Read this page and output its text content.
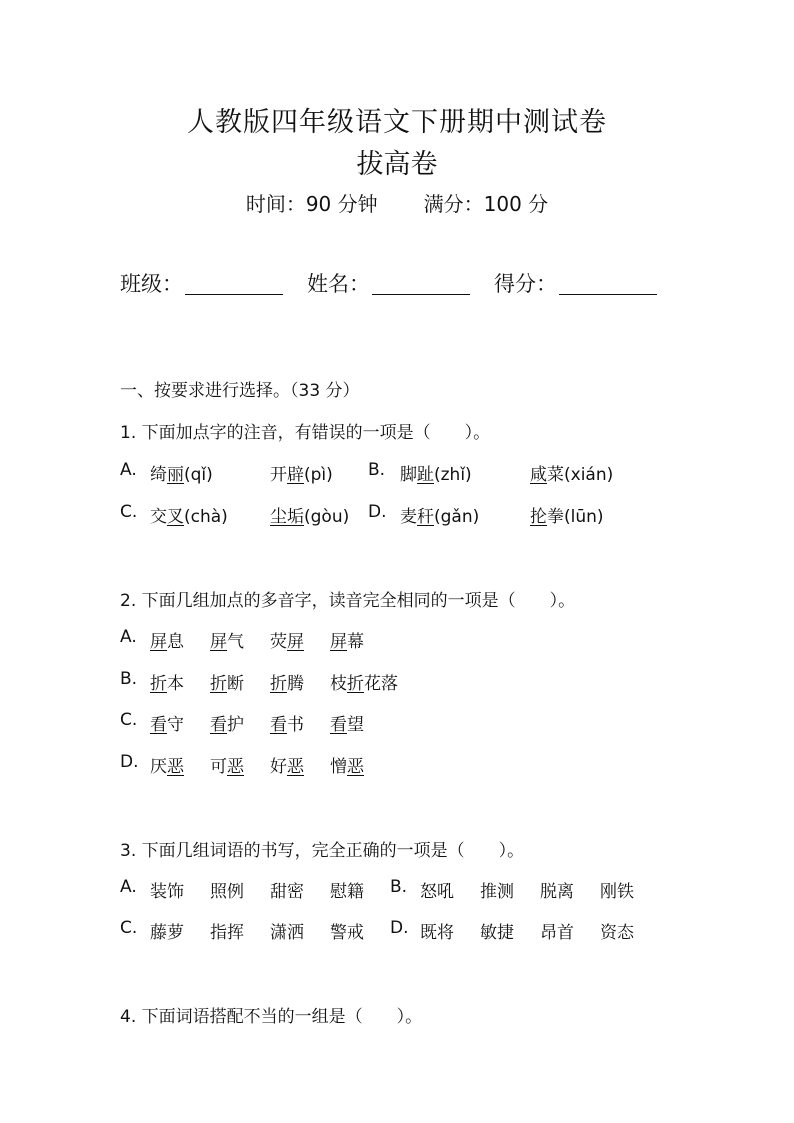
人教版四年级语文下册期中测试卷
拔高卷
时间：90 分钟 满分：100 分
班级：	姓名：	得分：
一、按要求进行选择。（33 分）
1. 下面加点字的注音，有错误的一项是（　　）。
A. 绮丽(qǐ)	开辟(pì) B. 脚趾(zhǐ)	咸菜(xián)
C. 交叉(chà) 尘垢(gòu) D. 麦秆(gǎn)	抡拳(lūn)
2. 下面几组加点的多音字，读音完全相同的一项是（　　）。
A. 屏息 屏气 荧屏 屏幕
B. 折本 折断 折腾 枝折花落
C. 看守 看护 看书 看望
D. 厌恶 可恶 好恶 憎恶
3. 下面几组词语的书写，完全正确的一项是（　　）。
A. 装饰 照例 甜密 慰籍 B. 怒吼 推测 脱离 刚铁
C. 藤萝 指挥 潇洒 警戒 D. 既将 敏捷 昂首 资态
4. 下面词语搭配不当的一组是（　　）。
